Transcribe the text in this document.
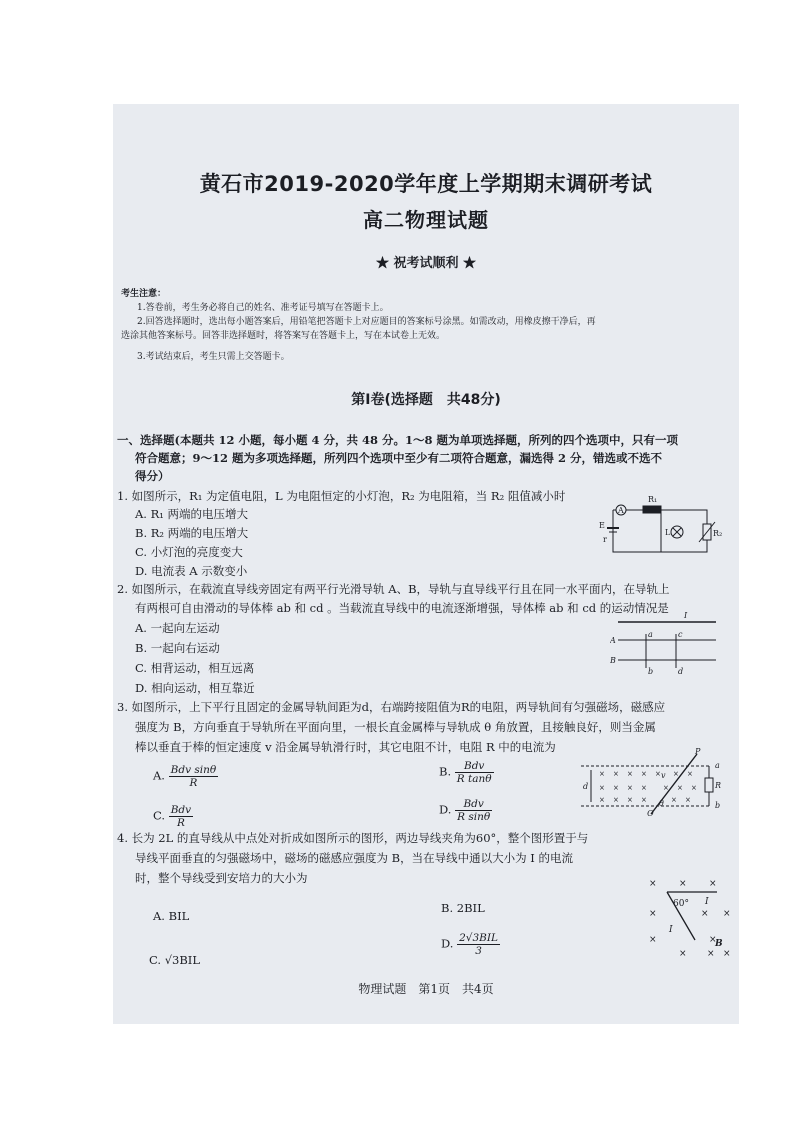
黄石市2019-2020学年度上学期期末调研考试
高二物理试题
★ 祝考试顺利 ★
考生注意：
1.答卷前，考生务必将自己的姓名、准考证号填写在答题卡上。
2.回答选择题时，选出每小题答案后，用铅笔把答题卡上对应题目的答案标号涂黑。如需改动，用橡皮擦干净后，再
选涂其他答案标号。回答非选择题时，将答案写在答题卡上，写在本试卷上无效。
3.考试结束后，考生只需上交答题卡。
第Ⅰ卷(选择题　共48分)
一、选择题(本题共 12 小题，每小题 4 分，共 48 分。1～8 题为单项选择题，所列的四个选项中，只有一项
符合题意；9～12 题为多项选择题，所列四个选项中至少有二项符合题意，漏选得 2 分，错选或不选不
得分）
1. 如图所示，R₁ 为定值电阻，L 为电阻恒定的小灯泡，R₂ 为电阻箱，当 R₂ 阻值减小时
A. R₁ 两端的电压增大
B. R₂ 两端的电压增大
C. 小灯泡的亮度变大
D. 电流表 A 示数变小
A
R₁
L	R₂
E
r
2. 如图所示，在载流直导线旁固定有两平行光滑导轨 A、B，导轨与直导线平行且在同一水平面内，在导轨上
有两根可自由滑动的导体棒 ab 和 cd 。当载流直导线中的电流逐渐增强，导体棒 ab 和 cd 的运动情况是
A. 一起向左运动
B. 一起向右运动
C. 相背运动，相互远离
D. 相向运动，相互靠近
I
A
B
a
b
c
d
3. 如图所示，上下平行且固定的金属导轨间距为d，右端跨接阻值为R的电阻，两导轨间有匀强磁场，磁感应
强度为 B，方向垂直于导轨所在平面向里，一根长直金属棒与导轨成 θ 角放置，且接触良好，则当金属
棒以垂直于棒的恒定速度 v 沿金属导轨滑行时，其它电阻不计，电阻 R 中的电流为
A. $\frac{\text{Bdv sinθ}}{R}$	B. $\frac{\text{Bdv}}{\text{R tanθ}}$
C. $\frac{\text{Bdv}}{R}$	D. $\frac{\text{Bdv}}{\text{R sinθ}}$
× × × × × × ×
× × × × × × ×
× × × ×	× ×
P
Q
a
b
d
v
θ
R
4. 长为 2L 的直导线从中点处对折成如图所示的图形，两边导线夹角为60°，整个图形置于与
导线平面垂直的匀强磁场中，磁场的磁感应强度为 B，当在导线中通以大小为 I 的电流
时，整个导线受到安培力的大小为
A. BIL
B. 2BIL
C. √3BIL
D. $\frac{\text{2√3BIL}}{3}$
× × ×
×	× ×
×	×
× × ×
60° I
I
B
物理试题　第1页　共4页
